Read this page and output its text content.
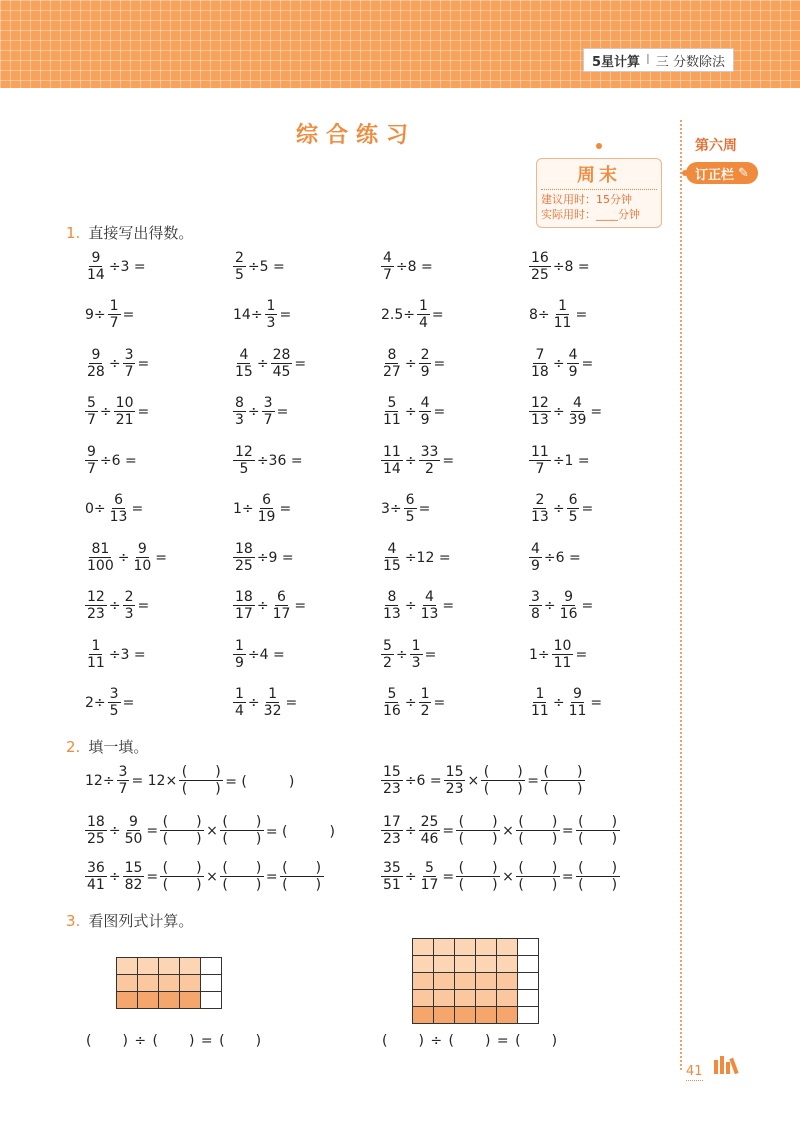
5星计算 I 三 分数除法
第六周
订正栏 ✎
综合练习
周末
建议用时：15分钟
实际用时：____分钟
1. 直接写出得数。
$\frac{9}{14} \div 3$ =	$\frac{2}{5} \div 5$ =	$\frac{4}{7} \div 8$ =	$\frac{16}{25} \div 8$ =
$9\div \frac{1}{7}$ =	$14\div \frac{1}{3}$ =	$2.5\div \frac{1}{4}$ =	$8\div \frac{1}{11}$ =
$\frac{9}{28} \div \frac{3}{7}$ =	$\frac{4}{15} \div \frac{28}{45}$ =	$\frac{8}{27} \div \frac{2}{9}$ =	$\frac{7}{18} \div \frac{4}{9}$ =
$\frac{5}{7} \div \frac{10}{21}$ =	$\frac{8}{3} \div \frac{3}{7}$ =	$\frac{5}{11} \div \frac{4}{9}$ =	$\frac{12}{13} \div \frac{4}{39}$ =
$\frac{9}{7} \div 6$ =	$\frac{12}{5} \div 36$ =	$\frac{11}{14} \div \frac{33}{2}$ =	$\frac{11}{7} \div 1$ =
$0\div \frac{6}{13}$ =	$1\div \frac{6}{19}$ =	$3\div \frac{6}{5}$ =	$\frac{2}{13} \div \frac{6}{5}$ =
$\frac{81}{100} \div \frac{9}{10}$ =	$\frac{18}{25} \div 9$ =	$\frac{4}{15} \div 12$ =	$\frac{4}{9} \div 6$ =
$\frac{12}{23} \div \frac{2}{3}$ =	$\frac{18}{17} \div \frac{6}{17}$ =	$\frac{8}{13} \div \frac{4}{13}$ =	$\frac{3}{8} \div \frac{9}{16}$ =
$\frac{1}{11} \div 3$ =	$\frac{1}{9} \div 4$ =	$\frac{5}{2} \div \frac{1}{3}$ =	$1\div \frac{10}{11}$ =
$2\div \frac{3}{5}$ =	$\frac{1}{4} \div \frac{1}{32}$ =	$\frac{5}{16} \div \frac{1}{2}$ =	$\frac{1}{11} \div \frac{9}{11}$ =
2. 填一填。
$12\div \frac{3}{7} = 12\times \frac{( )}{( )}$ = (　　　)	$\frac{15}{23} \div 6 = \frac{15}{23} \times \frac{( )}{( )} = \frac{( )}{( )}$
$\frac{18}{25} \div \frac{9}{50} = \frac{( )}{( )} \times \frac{( )}{( )}$ = (　　　)	$\frac{17}{23} \div \frac{25}{46} = \frac{( )}{( )} \times \frac{( )}{( )} = \frac{( )}{( )}$
$\frac{36}{41} \div \frac{15}{82} = \frac{( )}{( )} \times \frac{( )}{( )} = \frac{( )}{( )}$	$\frac{35}{51} \div \frac{5}{17} = \frac{( )}{( )} \times \frac{( )}{( )} = \frac{( )}{( )}$
3. 看图列式计算。

(　　) ÷ (　　) = (　　)	(　　) ÷ (　　) = (　　)
41
